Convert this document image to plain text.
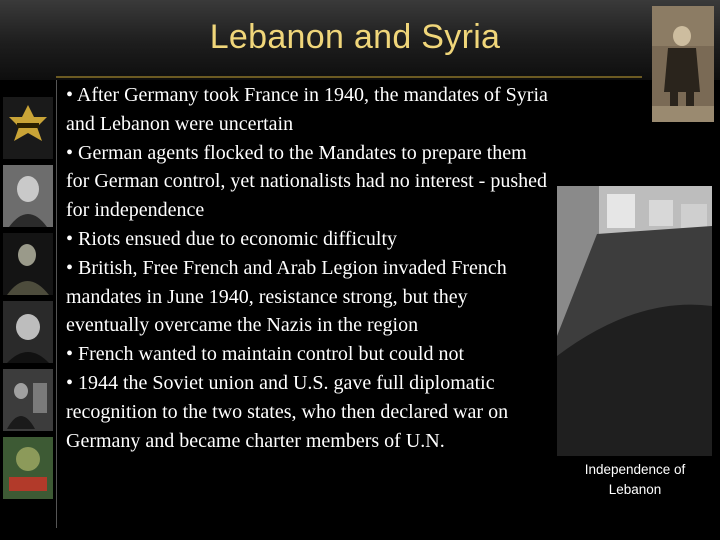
Lebanon and Syria

• After Germany took France in 1940, the mandates of Syria and Lebanon were uncertain

• German agents flocked to the Mandates to prepare them for German control, yet nationalists had no interest - pushed for independence

• Riots ensued due to economic difficulty

• British, Free French and Arab Legion invaded French mandates in June 1940, resistance strong, but they eventually overcame the Nazis in the region

• French wanted to maintain control but could not

• 1944 the Soviet union and U.S. gave full diplomatic recognition to the two states, who then declared war on Germany and became charter members of U.N.

Independence of Lebanon
